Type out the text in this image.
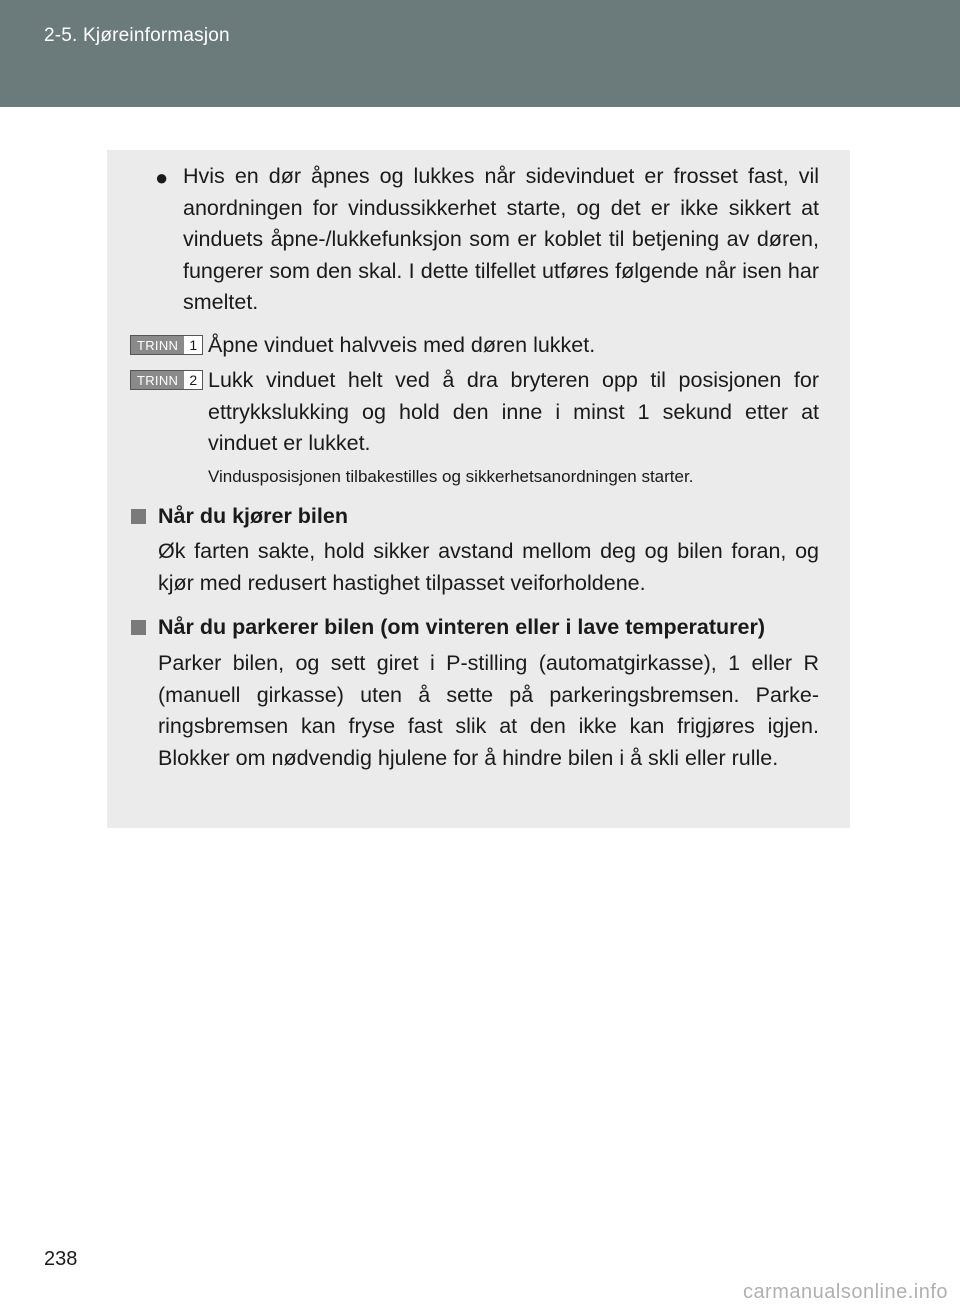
2-5. Kjøreinformasjon
● Hvis en dør åpnes og lukkes når sidevinduet er frosset fast, vil anordningen for vindussikkerhet starte, og det er ikke sikkert at vinduets åpne-/lukkefunksjon som er koblet til betjening av døren, fungerer som den skal. I dette tilfellet utføres følgende når isen har smeltet.
TRINN 1 Åpne vinduet halvveis med døren lukket.
TRINN 2 Lukk vinduet helt ved å dra bryteren opp til posisjonen for ettrykkslukking og hold den inne i minst 1 sekund etter at vinduet er lukket.
Vindusposisjonen tilbakestilles og sikkerhetsanordningen starter.
Når du kjører bilen
Øk farten sakte, hold sikker avstand mellom deg og bilen foran, og kjør med redusert hastighet tilpasset veiforholdene.
Når du parkerer bilen (om vinteren eller i lave temperaturer)
Parker bilen, og sett giret i P-stilling (automatgirkasse), 1 eller R (manuell girkasse) uten å sette på parkeringsbremsen. Parke-ringsbremsen kan fryse fast slik at den ikke kan frigjøres igjen. Blokker om nødvendig hjulene for å hindre bilen i å skli eller rulle.
238
carmanualsonline.info
